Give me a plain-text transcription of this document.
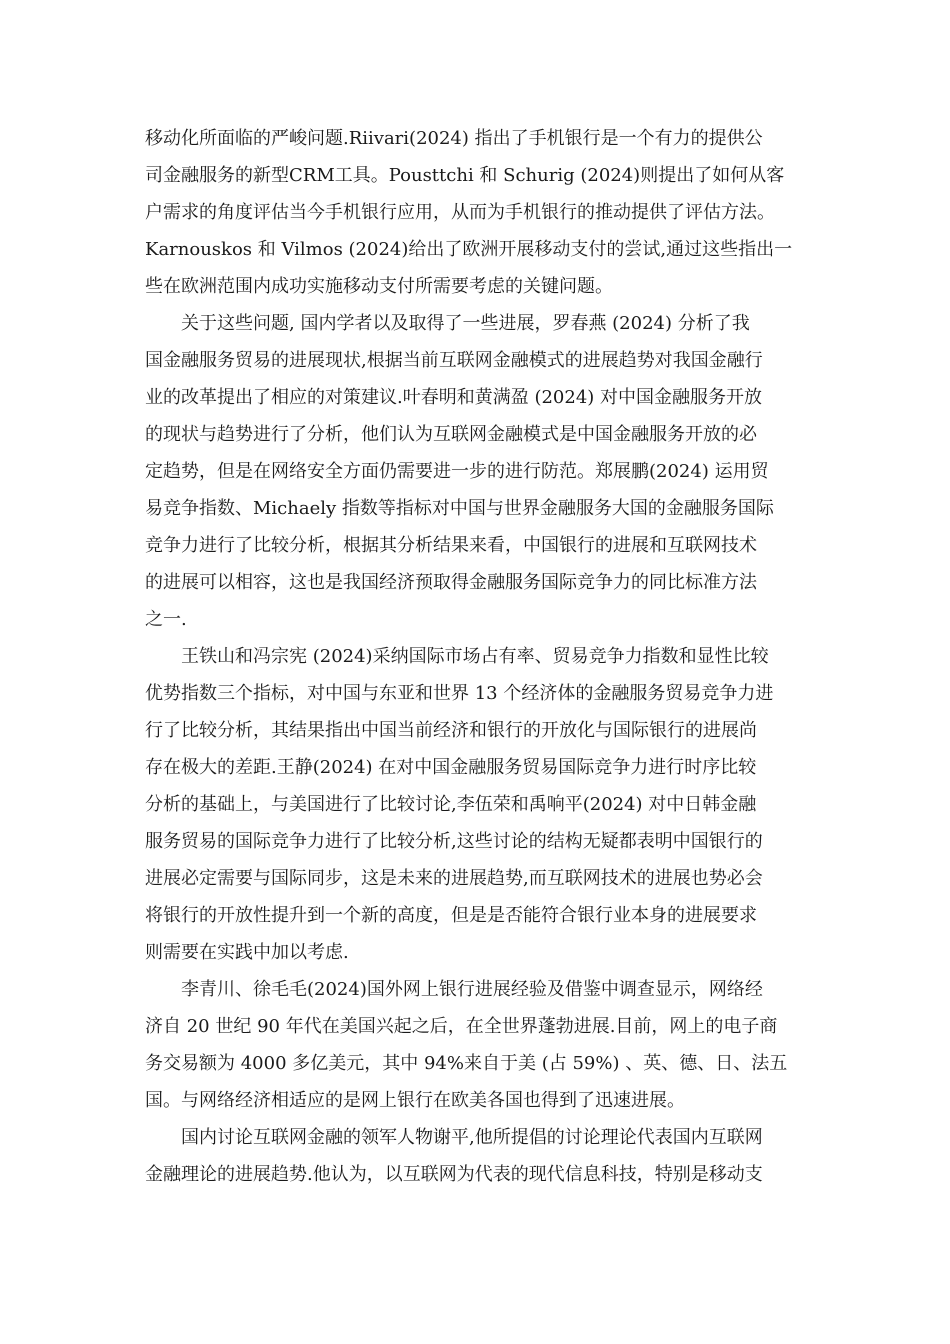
移动化所面临的严峻问题.Riivari(2024) 指出了手机银行是一个有力的提供公
司金融服务的新型CRM工具。Pousttchi 和 Schurig (2024)则提出了如何从客
户需求的角度评估当今手机银行应用，从而为手机银行的推动提供了评估方法。
Karnouskos 和 Vilmos (2024)给出了欧洲开展移动支付的尝试,通过这些指出一
些在欧洲范围内成功实施移动支付所需要考虑的关键问题。
关于这些问题, 国内学者以及取得了一些进展，罗春燕 (2024) 分析了我
国金融服务贸易的进展现状,根据当前互联网金融模式的进展趋势对我国金融行
业的改革提出了相应的对策建议.叶春明和黄满盈 (2024) 对中国金融服务开放
的现状与趋势进行了分析，他们认为互联网金融模式是中国金融服务开放的必
定趋势，但是在网络安全方面仍需要进一步的进行防范。郑展鹏(2024) 运用贸
易竞争指数、Michaely 指数等指标对中国与世界金融服务大国的金融服务国际
竞争力进行了比较分析，根据其分析结果来看，中国银行的进展和互联网技术
的进展可以相容，这也是我国经济预取得金融服务国际竞争力的同比标准方法
之一.
王铁山和冯宗宪 (2024)采纳国际市场占有率、贸易竞争力指数和显性比较
优势指数三个指标，对中国与东亚和世界 13 个经济体的金融服务贸易竞争力进
行了比较分析，其结果指出中国当前经济和银行的开放化与国际银行的进展尚
存在极大的差距.王静(2024) 在对中国金融服务贸易国际竞争力进行时序比较
分析的基础上，与美国进行了比较讨论,李伍荣和禹响平(2024) 对中日韩金融
服务贸易的国际竞争力进行了比较分析,这些讨论的结构无疑都表明中国银行的
进展必定需要与国际同步，这是未来的进展趋势,而互联网技术的进展也势必会
将银行的开放性提升到一个新的高度，但是是否能符合银行业本身的进展要求
则需要在实践中加以考虑.
李青川、徐毛毛(2024)国外网上银行进展经验及借鉴中调查显示，网络经
济自 20 世纪 90 年代在美国兴起之后，在全世界蓬勃进展.目前，网上的电子商
务交易额为 4000 多亿美元，其中 94%来自于美 (占 59%) 、英、德、日、法五
国。与网络经济相适应的是网上银行在欧美各国也得到了迅速进展。
国内讨论互联网金融的领军人物谢平,他所提倡的讨论理论代表国内互联网
金融理论的进展趋势.他认为，以互联网为代表的现代信息科技，特别是移动支
